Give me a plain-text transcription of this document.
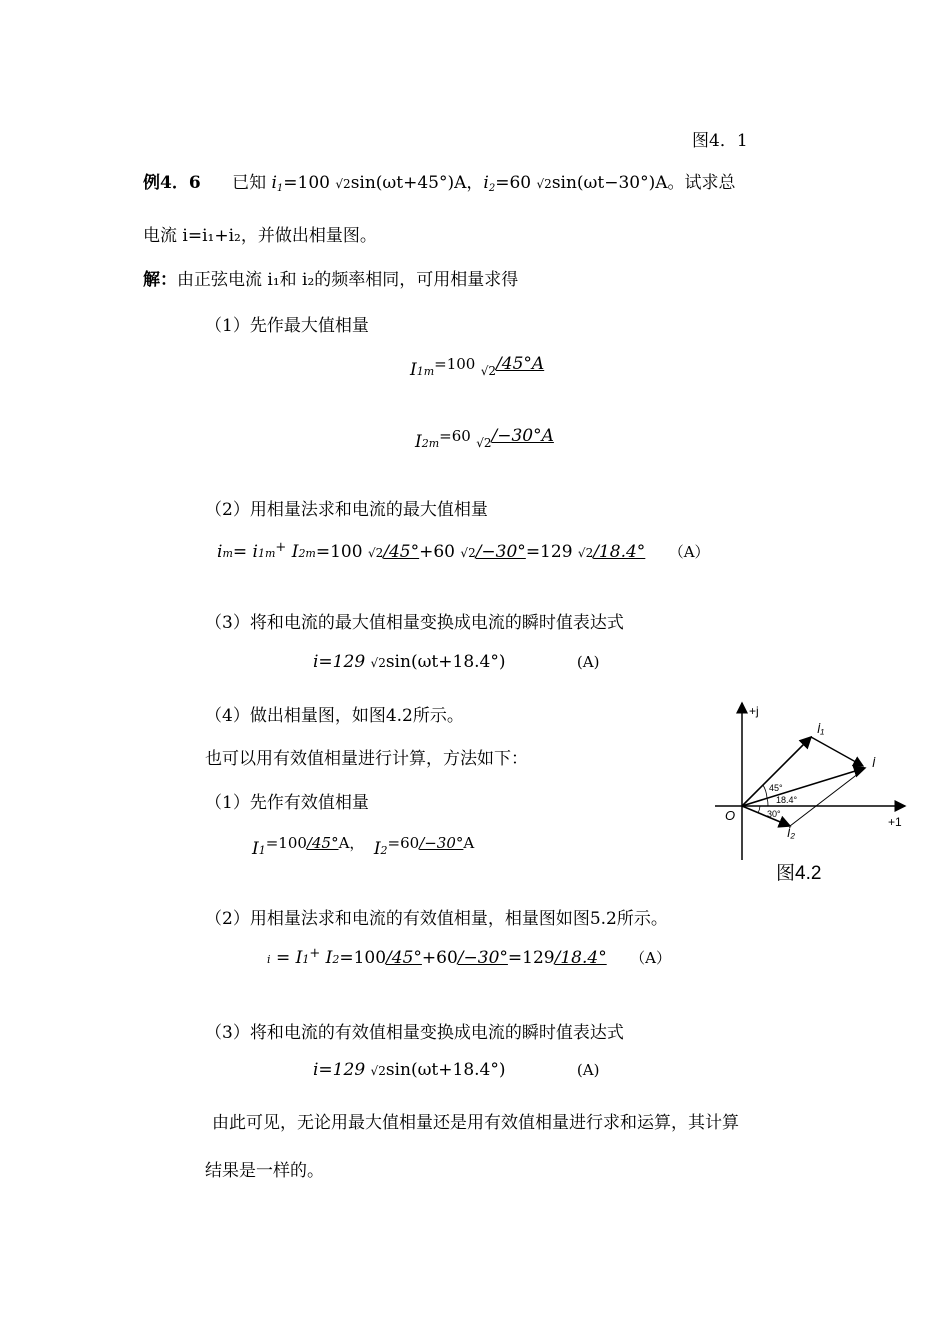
图4．1
例4．6 已知 $i_1=100$ √2sin(ωt+45°)A，$i_2=60$ √2sin(ωt−30°)A。试求总
电流 i=i₁+i₂，并做出相量图。
解：由正弦电流 i₁和 i₂的频率相同，可用相量求得
（1）先作最大值相量
I1m=100 √2/45°A
I2m=60 √2/−30°A
（2）用相量法求和电流的最大值相量
im= i1m+ I2m=100 √2/45°+60 √2/−30°=129 √2/18.4° （A）
（3）将和电流的最大值相量变换成电流的瞬时值表达式
i=129 √2sin(ωt+18.4°)	(A)
（4）做出相量图，如图4.2所示。
也可以用有效值相量进行计算，方法如下：
（1）先作有效值相量
I1=100/45°A， I2=60/−30°A
（2）用相量法求和电流的有效值相量，相量图如图5.2所示。
i = I1+ I2=100/45°+60/−30°=129/18.4° （A）
（3）将和电流的有效值相量变换成电流的瞬时值表达式
i=129 √2sin(ωt+18.4°)	(A)
由此可见，无论用最大值相量还是用有效值相量进行求和运算，其计算
结果是一样的。
+j
+1
O
İ₁
İ
İ₂
45°
18.4°
30°
图4.2
